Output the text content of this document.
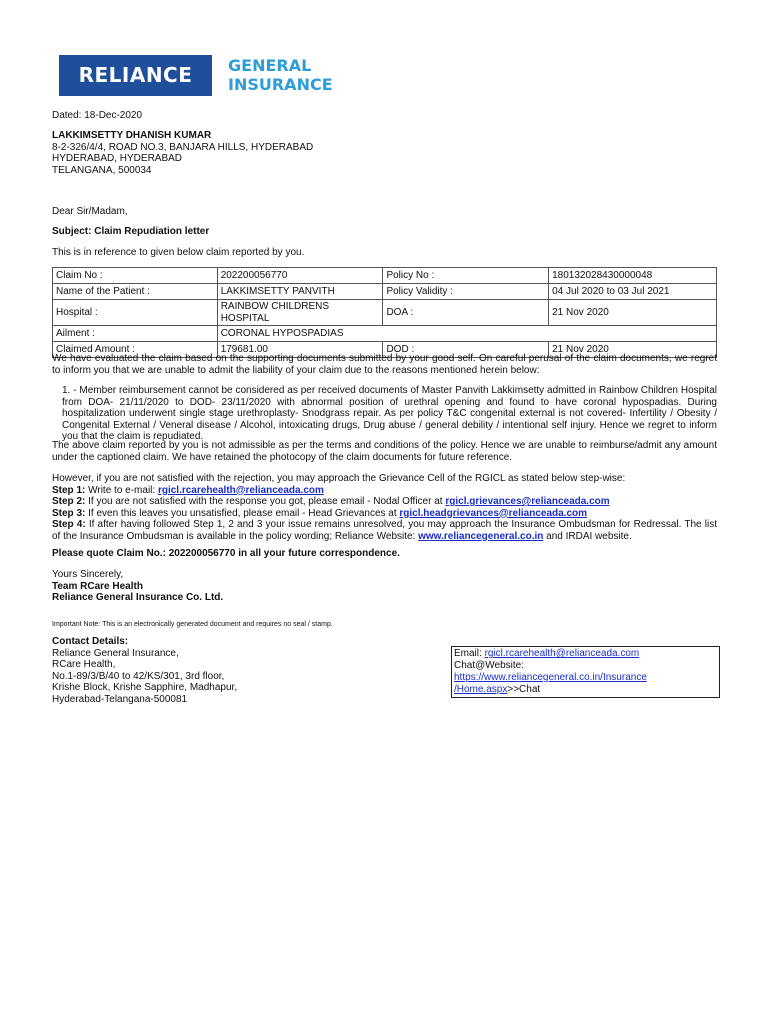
RELIANCE GENERAL
INSURANCE
Dated: 18-Dec-2020
LAKKIMSETTY DHANISH KUMAR
8-2-326/4/4, ROAD NO.3, BANJARA HILLS, HYDERABAD
HYDERABAD, HYDERABAD
TELANGANA, 500034
Dear Sir/Madam,
Subject: Claim Repudiation letter
This is in reference to given below claim reported by you.
Claim No :	202200056770	Policy No :	180132028430000048
Name of the Patient :	LAKKIMSETTY PANVITH	Policy Validity :	04 Jul 2020 to 03 Jul 2021
Hospital :	RAINBOW CHILDRENS HOSPITAL	DOA :	21 Nov 2020
Ailment :	CORONAL HYPOSPADIAS		
Claimed Amount :	179681.00	DOD :	21 Nov 2020
We have evaluated the claim based on the supporting documents submitted by your good self. On careful perusal of the claim documents, we regret to inform you that we are unable to admit the liability of your claim due to the reasons mentioned herein below:
1. - Member reimbursement cannot be considered as per received documents of Master Panvith Lakkimsetty admitted in Rainbow Children Hospital from DOA- 21/11/2020 to DOD- 23/11/2020 with abnormal position of urethral opening and found to have coronal hypospadias. During hospitalization underwent single stage urethroplasty- Snodgrass repair. As per policy T&C congenital external is not covered- Infertility / Obesity / Congenital External / Veneral disease / Alcohol, intoxicating drugs, Drug abuse / general debility / intentional self injury. Hence we regret to inform you that the claim is repudiated.
The above claim reported by you is not admissible as per the terms and conditions of the policy. Hence we are unable to reimburse/admit any amount under the captioned claim. We have retained the photocopy of the claim documents for future reference.
However, if you are not satisfied with the rejection, you may approach the Grievance Cell of the RGICL as stated below step-wise:
Step 1: Write to e-mail: rgicl.rcarehealth@relianceada.com
Step 2: If you are not satisfied with the response you got, please email - Nodal Officer at rgicl.grievances@relianceada.com
Step 3: If even this leaves you unsatisfied, please email - Head Grievances at rgicl.headgrievances@relianceada.com
Step 4: If after having followed Step 1, 2 and 3 your issue remains unresolved, you may approach the Insurance Ombudsman for Redressal. The list of the Insurance Ombudsman is available in the policy wording; Reliance Website: www.reliancegeneral.co.in and IRDAI website.
Please quote Claim No.: 202200056770 in all your future correspondence.
Yours Sincerely,
Team RCare Health
Reliance General Insurance Co. Ltd.
Important Note: This is an electronically generated document and requires no seal / stamp.
Contact Details:
Reliance General Insurance,
RCare Health,
No.1-89/3/B/40 to 42/KS/301, 3rd floor,
Krishe Block, Krishe Sapphire, Madhapur,
Hyderabad-Telangana-500081
Email: rgicl.rcarehealth@relianceada.com
Chat@Website: https://www.reliancegeneral.co.in/Insurance
/Home.aspx>>Chat
